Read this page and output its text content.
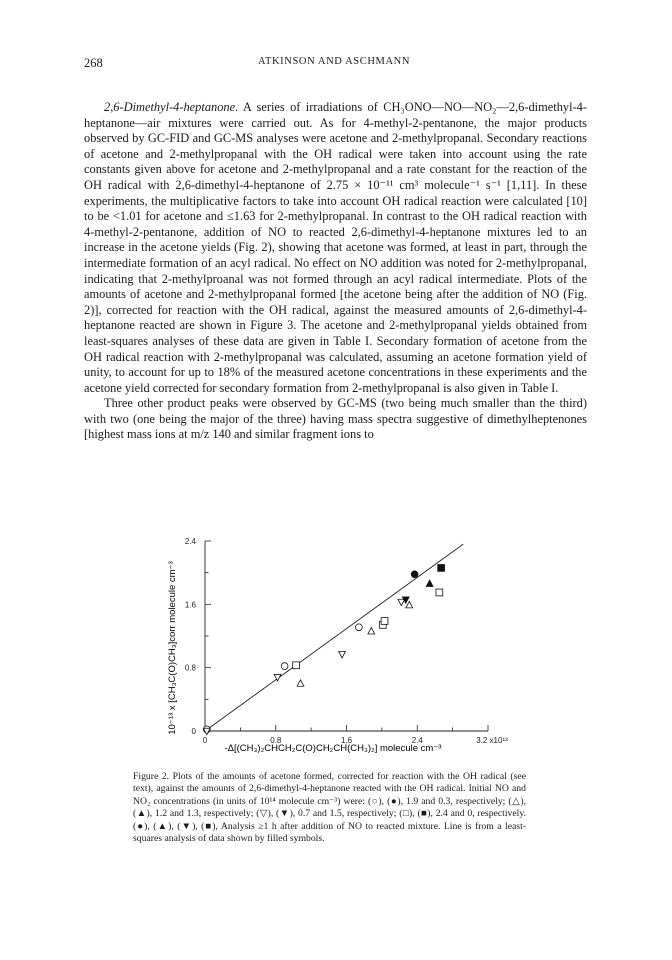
268	ATKINSON AND ASCHMANN

2,6-Dimethyl-4-heptanone. A series of irradiations of CH₃ONO—NO—NO₂—2,6-dimethyl-4-heptanone—air mixtures were carried out. As for 4-methyl-2-pentanone, the major products observed by GC-FID and GC-MS analyses were acetone and 2-methylpropanal. Secondary reactions of acetone and 2-methylpropanal with the OH radical were taken into account using the rate constants given above for acetone and 2-methylpropanal and a rate constant for the reaction of the OH radical with 2,6-dimethyl-4-heptanone of 2.75 × 10⁻¹¹ cm³ molecule⁻¹ s⁻¹ [1,11]. In these experiments, the multiplicative factors to take into account OH radical reaction were calculated [10] to be <1.01 for acetone and ≤1.63 for 2-methylpropanal. In contrast to the OH radical reaction with 4-methyl-2-pentanone, addition of NO to reacted 2,6-dimethyl-4-heptanone mixtures led to an increase in the acetone yields (Fig. 2), showing that acetone was formed, at least in part, through the intermediate formation of an acyl radical. No effect on NO addition was noted for 2-methylpropanal, indicating that 2-methylproanal was not formed through an acyl radical intermediate. Plots of the amounts of acetone and 2-methylpropanal formed [the acetone being after the addition of NO (Fig. 2)], corrected for reaction with the OH radical, against the measured amounts of 2,6-dimethyl-4-heptanone reacted are shown in Figure 3. The acetone and 2-methylpropanal yields obtained from least-squares analyses of these data are given in Table I. Secondary formation of acetone from the OH radical reaction with 2-methylpropanal was calculated, assuming an acetone formation yield of unity, to account for up to 18% of the measured acetone concentrations in these experiments and the acetone yield corrected for secondary formation from 2-methylpropanal is also given in Table I.

Three other product peaks were observed by GC-MS (two being much smaller than the third) with two (one being the major of the three) having mass spectra suggestive of dimethylheptenones [highest mass ions at m/z 140 and similar fragment ions to

0	0.8	1.6	2.4	3.2 x10¹³
0
0.8
1.6
2.4
10⁻¹³ x [CH₃C(O)CH₃]corr molecule cm⁻³
-Δ[(CH₃)₂CHCH₂C(O)CH₂CH(CH₃)₂] molecule cm⁻³
Figure 2. Plots of the amounts of acetone formed, corrected for reaction with the OH radical (see text), against the amounts of 2,6-dimethyl-4-heptanone reacted with the OH radical. Initial NO and NO₂ concentrations (in units of 10¹⁴ molecule cm⁻³) were: (○), (●), 1.9 and 0.3, respectively; (△), (▲), 1.2 and 1.3, respectively; (▽), (▼), 0.7 and 1.5, respectively; (□), (■), 2.4 and 0, respectively. (●), (▲), (▼), (■), Analysis ≥1 h after addition of NO to reacted mixture. Line is from a least-squares analysis of data shown by filled symbols.
